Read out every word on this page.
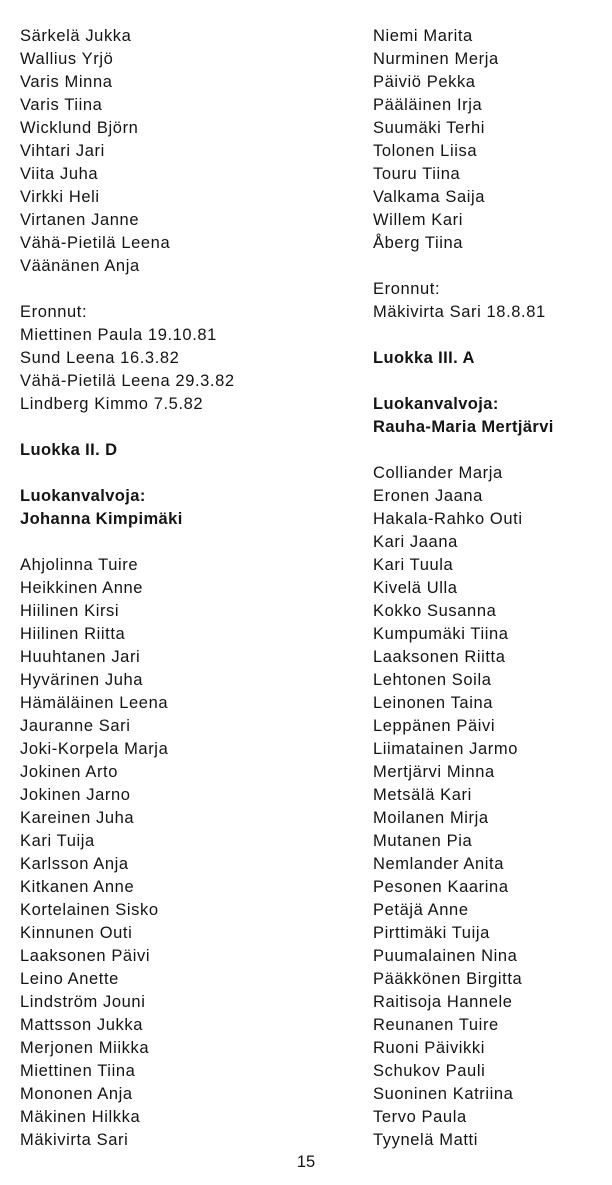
Särkelä Jukka
Wallius Yrjö
Varis Minna
Varis Tiina
Wicklund Björn
Vihtari Jari
Viita Juha
Virkki Heli
Virtanen Janne
Vähä-Pietilä Leena
Väänänen Anja
Eronnut:
Miettinen Paula 19.10.81
Sund Leena 16.3.82
Vähä-Pietilä Leena 29.3.82
Lindberg Kimmo 7.5.82
Luokka II. D
Luokanvalvoja:
Johanna Kimpimäki
Ahjolinna Tuire
Heikkinen Anne
Hiilinen Kirsi
Hiilinen Riitta
Huuhtanen Jari
Hyvärinen Juha
Hämäläinen Leena
Jauranne Sari
Joki-Korpela Marja
Jokinen Arto
Jokinen Jarno
Kareinen Juha
Kari Tuija
Karlsson Anja
Kitkanen Anne
Kortelainen Sisko
Kinnunen Outi
Laaksonen Päivi
Leino Anette
Lindström Jouni
Mattsson Jukka
Merjonen Miikka
Miettinen Tiina
Mononen Anja
Mäkinen Hilkka
Mäkivirta Sari
Niemi Marita
Nurminen Merja
Päiviö Pekka
Pääläinen Irja
Suumäki Terhi
Tolonen Liisa
Touru Tiina
Valkama Saija
Willem Kari
Åberg Tiina
Eronnut:
Mäkivirta Sari 18.8.81
Luokka III. A
Luokanvalvoja:
Rauha-Maria Mertjärvi
Colliander Marja
Eronen Jaana
Hakala-Rahko Outi
Kari Jaana
Kari Tuula
Kivelä Ulla
Kokko Susanna
Kumpumäki Tiina
Laaksonen Riitta
Lehtonen Soila
Leinonen Taina
Leppänen Päivi
Liimatainen Jarmo
Mertjärvi Minna
Metsälä Kari
Moilanen Mirja
Mutanen Pia
Nemlander Anita
Pesonen Kaarina
Petäjä Anne
Pirttimäki Tuija
Puumalainen Nina
Pääkkönen Birgitta
Raitisoja Hannele
Reunanen Tuire
Ruoni Päivikki
Schukov Pauli
Suoninen Katriina
Tervo Paula
Tyynelä Matti
15
